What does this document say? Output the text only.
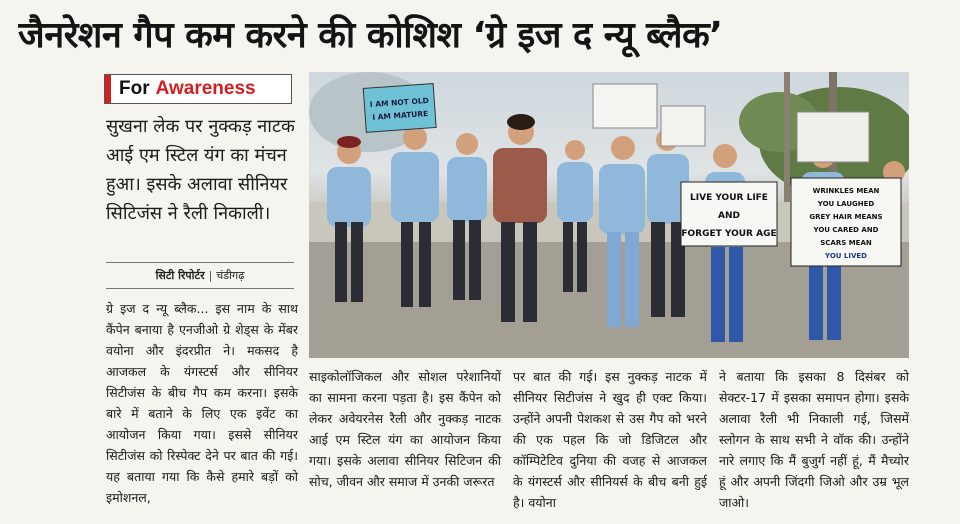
जैनरेशन गैप कम करने की कोशिश ‘ग्रे इज द न्यू ब्लैक’
For Awareness
सुखना लेक पर नुक्कड़ नाटक आई एम स्टिल यंग का मंचन हुआ। इसके अलावा सीनियर सिटिजंस ने रैली निकाली।
सिटी रिपोर्टर | चंडीगढ़
I AM NOT OLD
I AM MATURE
LIVE YOUR LIFE
AND
FORGET YOUR AGE
WRINKLES MEAN
YOU LAUGHED
GREY HAIR MEANS
YOU CARED AND
SCARS MEAN
YOU LIVED

ग्रे इज द न्यू ब्लैक... इस नाम के साथ कैंपेन बनाया है एनजीओ ग्रे शेड्स के मेंबर वयोना और इंदरप्रीत ने। मकसद है आजकल के यंगस्टर्स और सीनियर सिटीजंस के बीच गैप कम करना। इसके बारे में बताने के लिए एक इवेंट का आयोजन किया गया। इससे सीनियर सिटीजंस को रिस्पेक्ट देने पर बात की गई। यह बताया गया कि कैसे हमारे बड़ों को इमोशनल,

साइकोलॉजिकल और सोशल परेशानियों का सामना करना पड़ता है। इस कैंपेन को लेकर अवेयरनेस रैली और नुक्कड़ नाटक आई एम स्टिल यंग का आयोजन किया गया। इसके अलावा सीनियर सिटिजन की सोच, जीवन और समाज में उनकी जरूरत

पर बात की गई। इस नुक्कड़ नाटक में सीनियर सिटीजंस ने खुद ही एक्ट किया। उन्होंने अपनी पेशकश से उस गैप को भरने की एक पहल कि जो डिजिटल और कॉम्पिटेटिव दुनिया की वजह से आजकल के यंगस्टर्स और सीनियर्स के बीच बनी हुई है। वयोना

ने बताया कि इसका 8 दिसंबर को सेक्टर-17 में इसका समापन होगा। इसके अलावा रैली भी निकाली गई, जिसमें स्लोगन के साथ सभी ने वॉक की। उन्होंने नारे लगाए कि मैं बुजुर्ग नहीं हूं, मैं मैच्योर हूं और अपनी जिंदगी जिओ और उम्र भूल जाओ।
